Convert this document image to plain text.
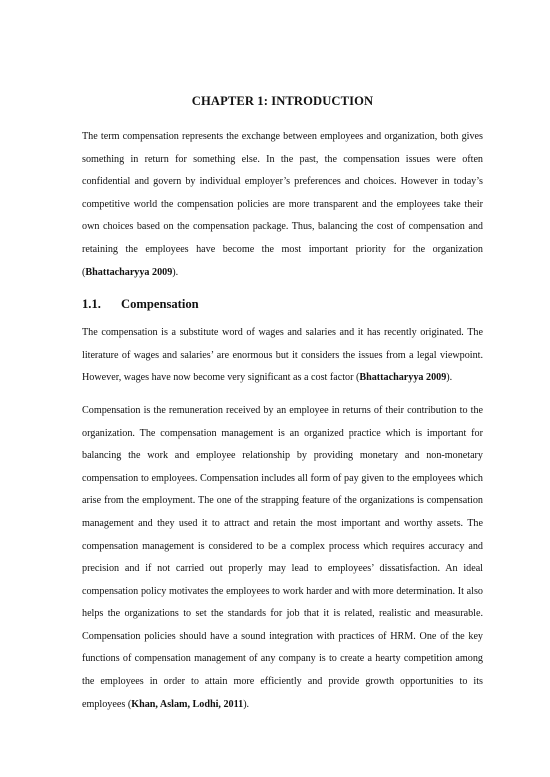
CHAPTER 1: INTRODUCTION

The term compensation represents the exchange between employees and organization, both gives something in return for something else. In the past, the compensation issues were often confidential and govern by individual employer’s preferences and choices. However in today’s competitive world the compensation policies are more transparent and the employees take their own choices based on the compensation package. Thus, balancing the cost of compensation and retaining the employees have become the most important priority for the organization (Bhattacharyya 2009).

1.1. Compensation

The compensation is a substitute word of wages and salaries and it has recently originated. The literature of wages and salaries’ are enormous but it considers the issues from a legal viewpoint. However, wages have now become very significant as a cost factor (Bhattacharyya 2009).

Compensation is the remuneration received by an employee in returns of their contribution to the organization. The compensation management is an organized practice which is important for balancing the work and employee relationship by providing monetary and non-monetary compensation to employees. Compensation includes all form of pay given to the employees which arise from the employment. The one of the strapping feature of the organizations is compensation management and they used it to attract and retain the most important and worthy assets. The compensation management is considered to be a complex process which requires accuracy and precision and if not carried out properly may lead to employees’ dissatisfaction. An ideal compensation policy motivates the employees to work harder and with more determination. It also helps the organizations to set the standards for job that it is related, realistic and measurable. Compensation policies should have a sound integration with practices of HRM. One of the key functions of compensation management of any company is to create a hearty competition among the employees in order to attain more efficiently and provide growth opportunities to its employees (Khan, Aslam, Lodhi, 2011).
